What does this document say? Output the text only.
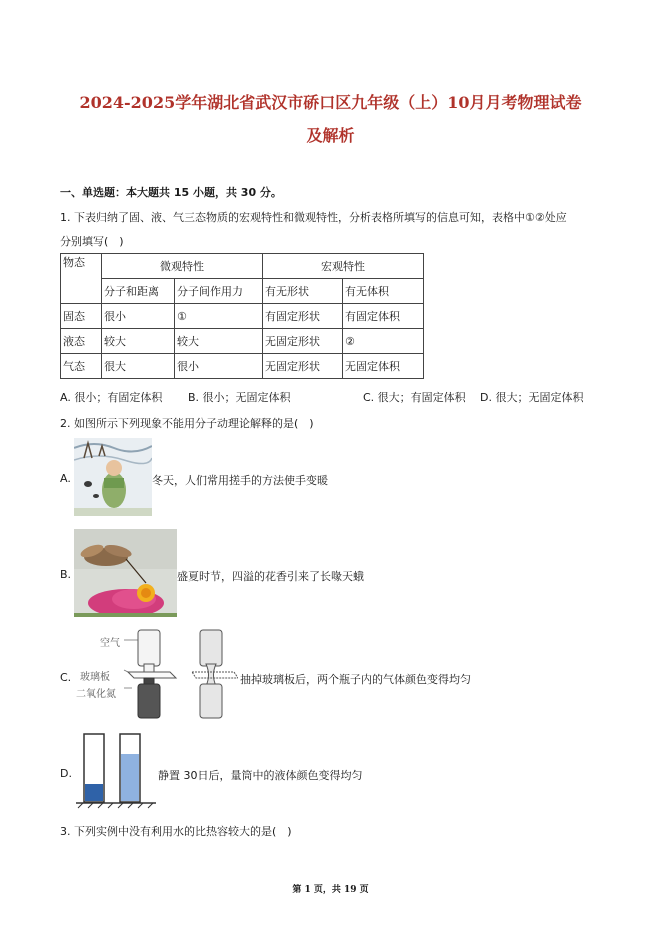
2024-2025学年湖北省武汉市硚口区九年级（上）10月月考物理试卷
及解析
一、单选题：本大题共 15 小题，共 30 分。
1. 下表归纳了固、液、气三态物质的宏观特性和微观特性，分析表格所填写的信息可知，表格中①②处应
分别填写(　)
物态	微观特性		宏观特性	
	分子和距离	分子间作用力	有无形状	有无体积
固态	很小	①	有固定形状	有固定体积
液态	较大	较大	无固定形状	②
气态	很大	很小	无固定形状	无固定体积
A. 很小；有固定体积 B. 很小；无固定体积	C. 很大；有固定体积 D. 很大；无固定体积
2. 如图所示下列现象不能用分子动理论解释的是(　)
A.	冬天，人们常用搓手的方法使手变暖
B.	盛夏时节，四溢的花香引来了长喙天蛾
C.
空气
玻璃板
二氧化氮
抽掉玻璃板后，两个瓶子内的气体颜色变得均匀
D.	静置 30日后，量筒中的液体颜色变得均匀
3. 下列实例中没有利用水的比热容较大的是(　)
第 1 页，共 19 页
